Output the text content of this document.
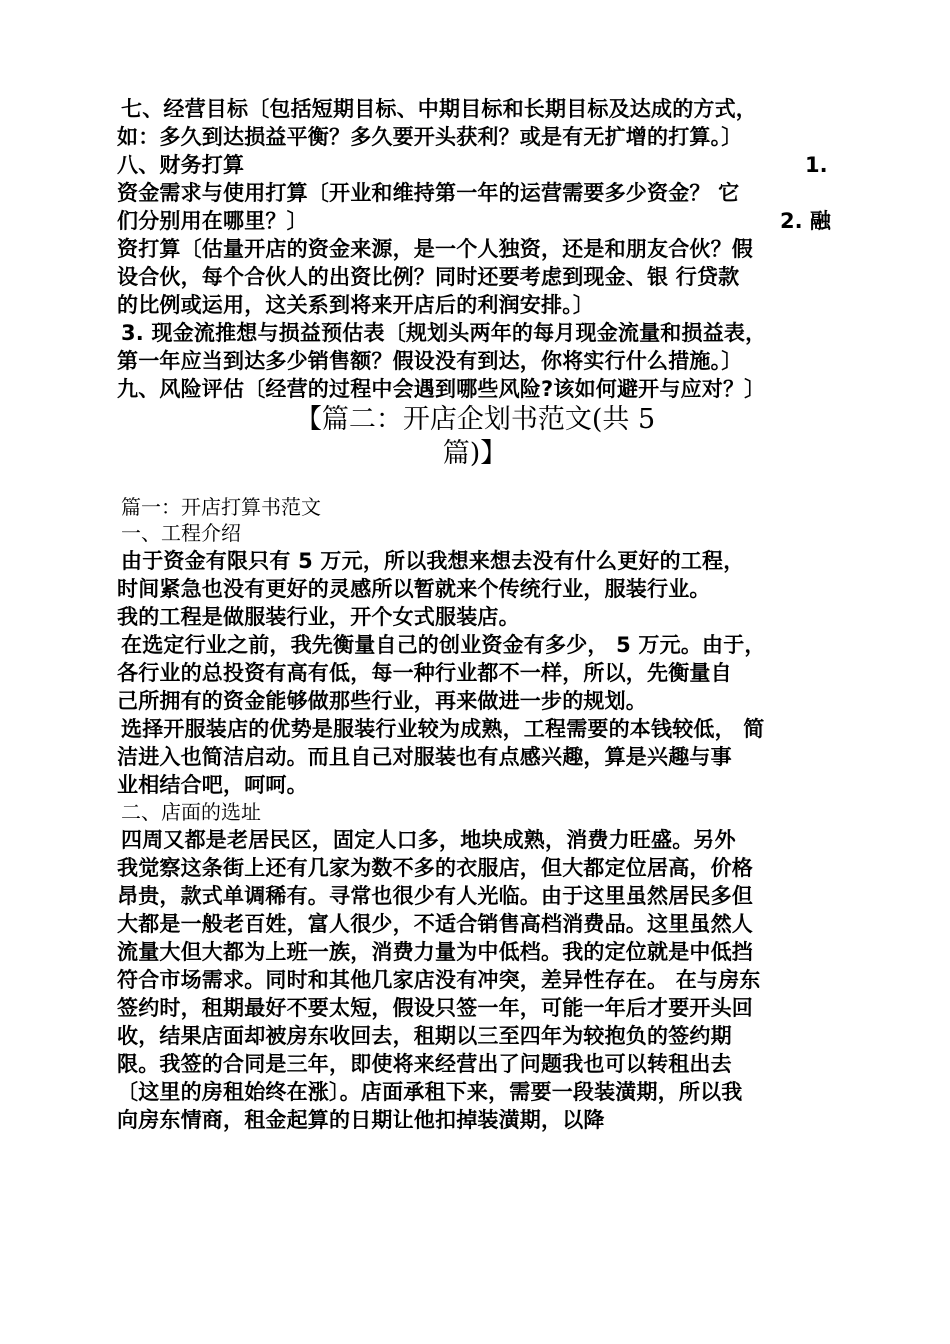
七、经营目标〔包括短期目标、中期目标和长期目标及达成的方式，
如：多久到达损益平衡？多久要开头获利？或是有无扩增的打算。〕
八、财务打算	1.
资金需求与使用打算〔开业和维持第一年的运营需要多少资金？ 它
们分别用在哪里？〕	2. 融
资打算〔估量开店的资金来源，是一个人独资，还是和朋友合伙？假
设合伙，每个合伙人的出资比例？同时还要考虑到现金、银 行贷款
的比例或运用，这关系到将来开店后的利润安排。〕
3. 现金流推想与损益预估表〔规划头两年的每月现金流量和损益表，
第一年应当到达多少销售额？假设没有到达，你将实行什么措施。〕
九、风险评估〔经营的过程中会遇到哪些风险?该如何避开与应对？〕
【篇二：开店企划书范文(共 5
篇)】
篇一：开店打算书范文
一、工程介绍
由于资金有限只有 5 万元，所以我想来想去没有什么更好的工程，
时间紧急也没有更好的灵感所以暂就来个传统行业，服装行业。
我的工程是做服装行业，开个女式服装店。
在选定行业之前，我先衡量自己的创业资金有多少， 5 万元。由于，
各行业的总投资有高有低，每一种行业都不一样，所以，先衡量自
己所拥有的资金能够做那些行业，再来做进一步的规划。
选择开服装店的优势是服装行业较为成熟，工程需要的本钱较低， 简
洁进入也简洁启动。而且自己对服装也有点感兴趣，算是兴趣与事
业相结合吧，呵呵。
二、店面的选址
四周又都是老居民区，固定人口多，地块成熟，消费力旺盛。另外
我觉察这条街上还有几家为数不多的衣服店，但大都定位居高，价格
昂贵，款式单调稀有。寻常也很少有人光临。由于这里虽然居民多但
大都是一般老百姓，富人很少，不适合销售高档消费品。这里虽然人
流量大但大都为上班一族，消费力量为中低档。我的定位就是中低挡
符合市场需求。同时和其他几家店没有冲突，差异性存在。 在与房东
签约时，租期最好不要太短，假设只签一年，可能一年后才要开头回
收，结果店面却被房东收回去，租期以三至四年为较抱负的签约期
限。我签的合同是三年，即使将来经营出了问题我也可以转租出去
〔这里的房租始终在涨〕。店面承租下来，需要一段装潢期，所以我
向房东情商，租金起算的日期让他扣掉装潢期，以降
